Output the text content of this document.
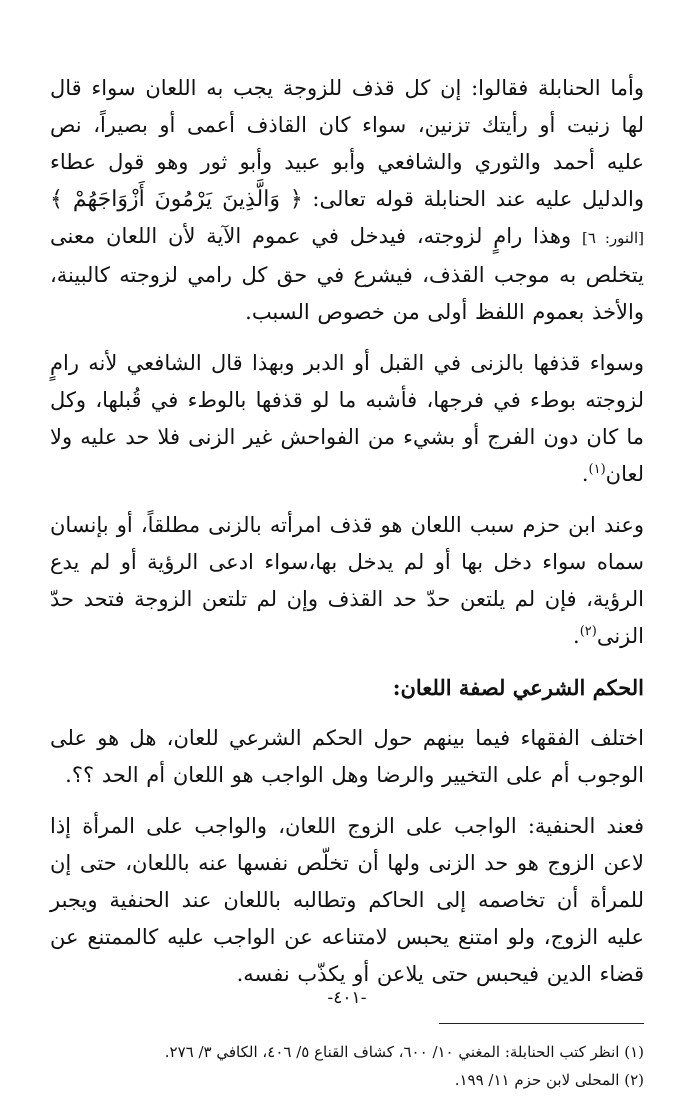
وأما الحنابلة فقالوا: إن كل قذف للزوجة يجب به اللعان سواء قال لها زنيت أو رأيتك تزنين، سواء كان القاذف أعمى أو بصيراً، نص عليه أحمد والثوري والشافعي وأبو عبيد وأبو ثور وهو قول عطاء والدليل عليه عند الحنابلة قوله تعالى: ﴿ وَالَّذِينَ يَرْمُونَ أَزْوَاجَهُمْ ﴾ [النور: ٦] وهذا رامٍ لزوجته، فيدخل في عموم الآية لأن اللعان معنى يتخلص به موجب القذف، فيشرع في حق كل رامي لزوجته كالبينة، والأخذ بعموم اللفظ أولى من خصوص السبب.

وسواء قذفها بالزنى في القبل أو الدبر وبهذا قال الشافعي لأنه رامٍ لزوجته بوطء في فرجها، فأشبه ما لو قذفها بالوطء في قُبلها، وكل ما كان دون الفرج أو بشيء من الفواحش غير الزنى فلا حد عليه ولا لعان$^{(١)}$.

وعند ابن حزم سبب اللعان هو قذف امرأته بالزنى مطلقاً، أو بإنسان سماه سواء دخل بها أو لم يدخل بها،سواء ادعى الرؤية أو لم يدع الرؤية، فإن لم يلتعن حدّ حد القذف وإن لم تلتعن الزوجة فتحد حدّ الزنى$^{(٢)}$.

الحكم الشرعي لصفة اللعان:

اختلف الفقهاء فيما بينهم حول الحكم الشرعي للعان، هل هو على الوجوب أم على التخيير والرضا وهل الواجب هو اللعان أم الحد ؟؟.

فعند الحنفية: الواجب على الزوج اللعان، والواجب على المرأة إذا لاعن الزوج هو حد الزنى ولها أن تخلّص نفسها عنه باللعان، حتى إن للمرأة أن تخاصمه إلى الحاكم وتطالبه باللعان عند الحنفية ويجبر عليه الزوج، ولو امتنع يحبس لامتناعه عن الواجب عليه كالممتنع عن قضاء الدين فيحبس حتى يلاعن أو يكذّب نفسه.

(١) انظر كتب الحنابلة: المغني ١٠/ ٦٠٠، كشاف القناع ٥/ ٤٠٦، الكافي ٣/ ٢٧٦.

(٢) المحلى لابن حزم ١١/ ١٩٩.

-٤٠١-
